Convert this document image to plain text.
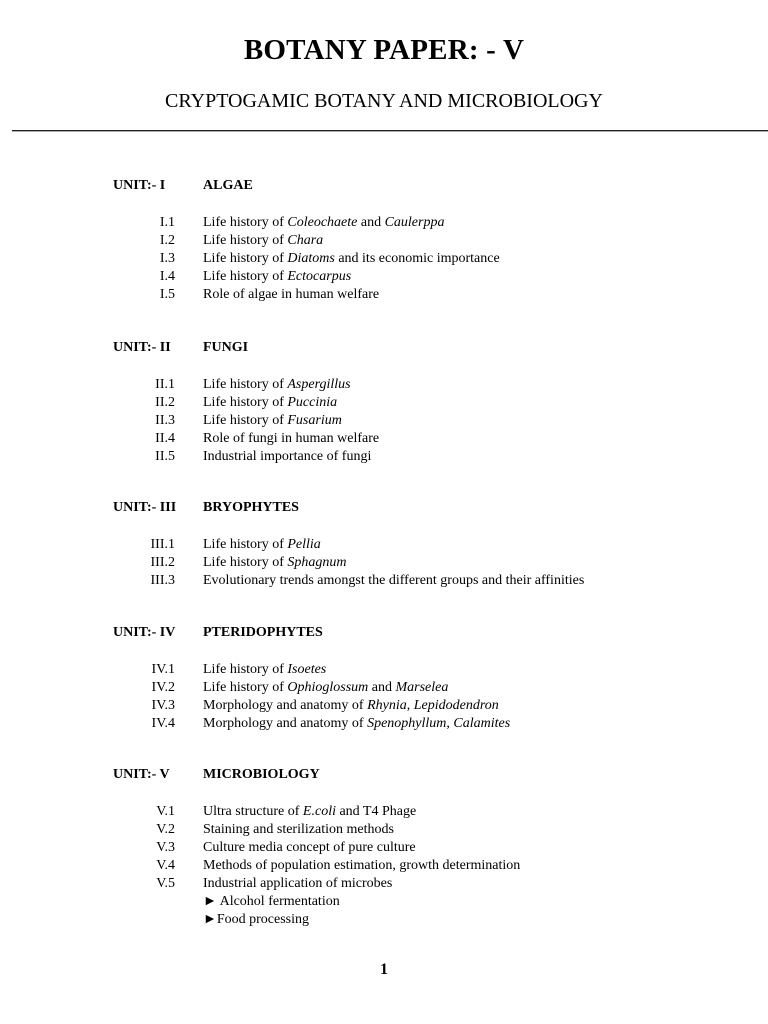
BOTANY PAPER: - V
CRYPTOGAMIC BOTANY AND MICROBIOLOGY
UNIT:- I	ALGAE
I.1 Life history of Coleochaete and Caulerppa
I.2 Life history of Chara
I.3 Life history of Diatoms and its economic importance
I.4 Life history of Ectocarpus
I.5 Role of algae in human welfare
UNIT:- II FUNGI
II.1 Life history of Aspergillus
II.2 Life history of Puccinia
II.3 Life history of Fusarium
II.4 Role of fungi in human welfare
II.5 Industrial importance of fungi
UNIT:- III BRYOPHYTES
III.1 Life history of Pellia
III.2 Life history of Sphagnum
III.3 Evolutionary trends amongst the different groups and their affinities
UNIT:- IV PTERIDOPHYTES
IV.1 Life history of Isoetes
IV.2 Life history of Ophioglossum and Marselea
IV.3 Morphology and anatomy of Rhynia, Lepidodendron
IV.4 Morphology and anatomy of Spenophyllum, Calamites
UNIT:- V MICROBIOLOGY
V.1 Ultra structure of E.coli and T4 Phage
V.2 Staining and sterilization methods
V.3 Culture media concept of pure culture
V.4 Methods of population estimation, growth determination
V.5 Industrial application of microbes
► Alcohol fermentation
►Food processing
1
